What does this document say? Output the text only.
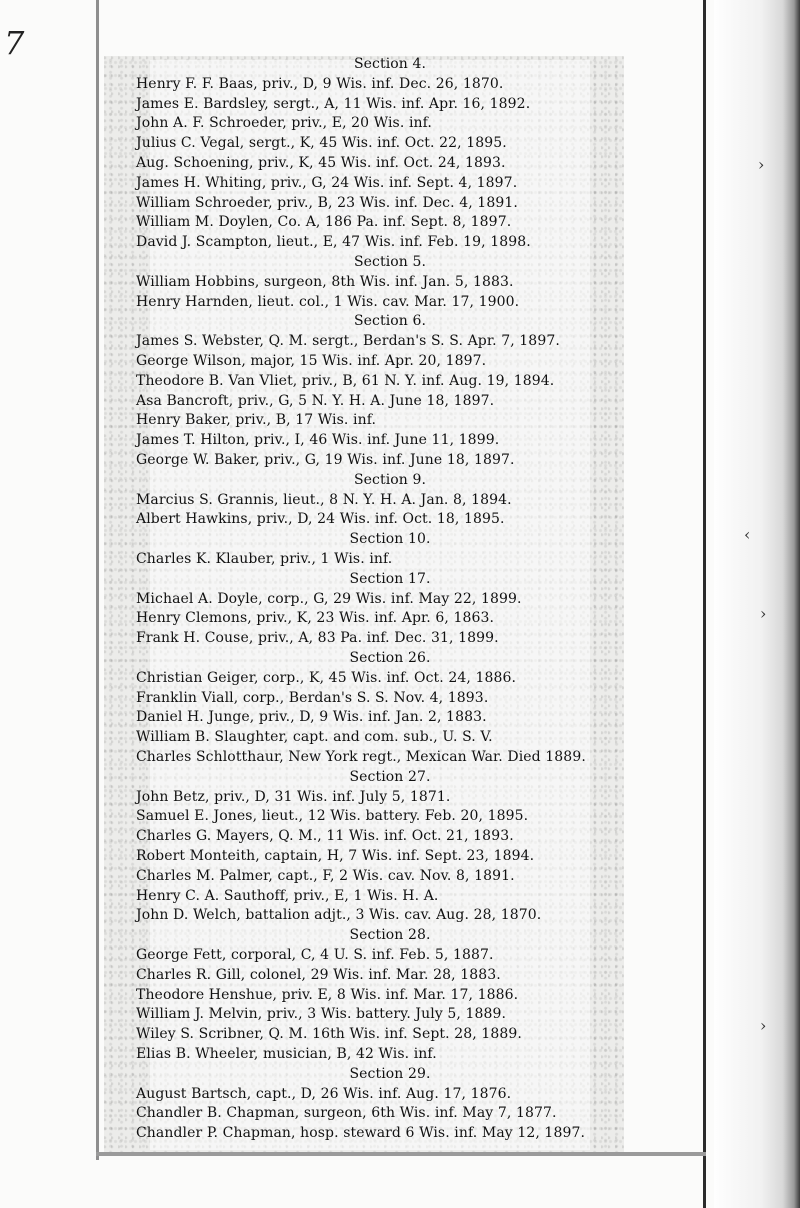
7
›
‹
›
›
Section 4.
Henry F. F. Baas, priv., D, 9 Wis. inf. Dec. 26, 1870.
James E. Bardsley, sergt., A, 11 Wis. inf. Apr. 16, 1892.
John A. F. Schroeder, priv., E, 20 Wis. inf.
Julius C. Vegal, sergt., K, 45 Wis. inf. Oct. 22, 1895.
Aug. Schoening, priv., K, 45 Wis. inf. Oct. 24, 1893.
James H. Whiting, priv., G, 24 Wis. inf. Sept. 4, 1897.
William Schroeder, priv., B, 23 Wis. inf. Dec. 4, 1891.
William M. Doylen, Co. A, 186 Pa. inf. Sept. 8, 1897.
David J. Scampton, lieut., E, 47 Wis. inf. Feb. 19, 1898.
Section 5.
William Hobbins, surgeon, 8th Wis. inf. Jan. 5, 1883.
Henry Harnden, lieut. col., 1 Wis. cav. Mar. 17, 1900.
Section 6.
James S. Webster, Q. M. sergt., Berdan's S. S. Apr. 7, 1897.
George Wilson, major, 15 Wis. inf. Apr. 20, 1897.
Theodore B. Van Vliet, priv., B, 61 N. Y. inf. Aug. 19, 1894.
Asa Bancroft, priv., G, 5 N. Y. H. A. June 18, 1897.
Henry Baker, priv., B, 17 Wis. inf.
James T. Hilton, priv., I, 46 Wis. inf. June 11, 1899.
George W. Baker, priv., G, 19 Wis. inf. June 18, 1897.
Section 9.
Marcius S. Grannis, lieut., 8 N. Y. H. A. Jan. 8, 1894.
Albert Hawkins, priv., D, 24 Wis. inf. Oct. 18, 1895.
Section 10.
Charles K. Klauber, priv., 1 Wis. inf.
Section 17.
Michael A. Doyle, corp., G, 29 Wis. inf. May 22, 1899.
Henry Clemons, priv., K, 23 Wis. inf. Apr. 6, 1863.
Frank H. Couse, priv., A, 83 Pa. inf. Dec. 31, 1899.
Section 26.
Christian Geiger, corp., K, 45 Wis. inf. Oct. 24, 1886.
Franklin Viall, corp., Berdan's S. S. Nov. 4, 1893.
Daniel H. Junge, priv., D, 9 Wis. inf. Jan. 2, 1883.
William B. Slaughter, capt. and com. sub., U. S. V.
Charles Schlotthaur, New York regt., Mexican War. Died 1889.
Section 27.
John Betz, priv., D, 31 Wis. inf. July 5, 1871.
Samuel E. Jones, lieut., 12 Wis. battery. Feb. 20, 1895.
Charles G. Mayers, Q. M., 11 Wis. inf. Oct. 21, 1893.
Robert Monteith, captain, H, 7 Wis. inf. Sept. 23, 1894.
Charles M. Palmer, capt., F, 2 Wis. cav. Nov. 8, 1891.
Henry C. A. Sauthoff, priv., E, 1 Wis. H. A.
John D. Welch, battalion adjt., 3 Wis. cav. Aug. 28, 1870.
Section 28.
George Fett, corporal, C, 4 U. S. inf. Feb. 5, 1887.
Charles R. Gill, colonel, 29 Wis. inf. Mar. 28, 1883.
Theodore Henshue, priv. E, 8 Wis. inf. Mar. 17, 1886.
William J. Melvin, priv., 3 Wis. battery. July 5, 1889.
Wiley S. Scribner, Q. M. 16th Wis. inf. Sept. 28, 1889.
Elias B. Wheeler, musician, B, 42 Wis. inf.
Section 29.
August Bartsch, capt., D, 26 Wis. inf. Aug. 17, 1876.
Chandler B. Chapman, surgeon, 6th Wis. inf. May 7, 1877.
Chandler P. Chapman, hosp. steward 6 Wis. inf. May 12, 1897.
